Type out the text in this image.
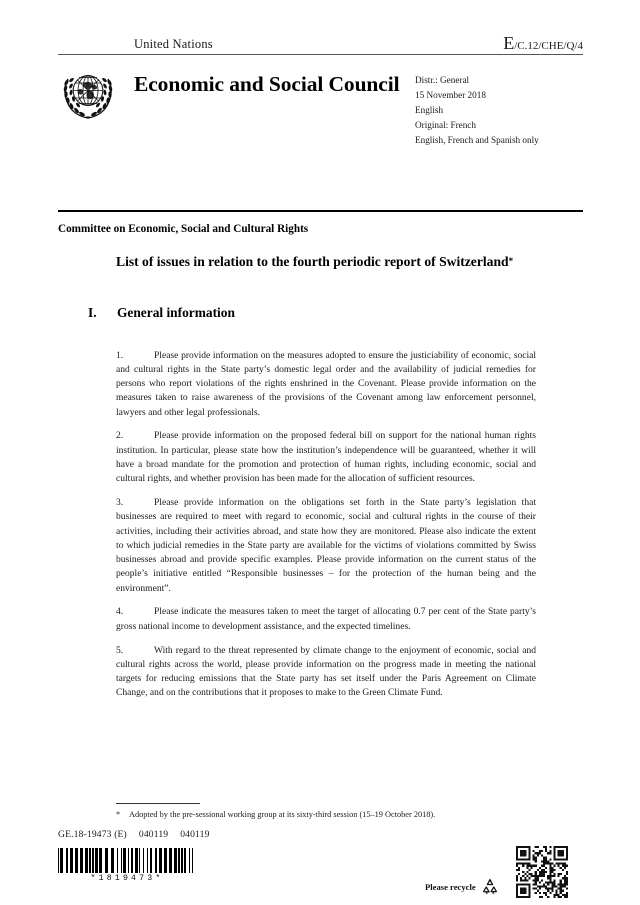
United Nations	E/C.12/CHE/Q/4
Economic and Social Council	Distr.: General
15 November 2018
English
Original: French
English, French and Spanish only
Committee on Economic, Social and Cultural Rights
List of issues in relation to the fourth periodic report of Switzerland*
I.	General information

1.	Please provide information on the measures adopted to ensure the justiciability of economic, social and cultural rights in the State party’s domestic legal order and the availability of judicial remedies for persons who report violations of the rights enshrined in the Covenant. Please provide information on the measures taken to raise awareness of the provisions of the Covenant among law enforcement personnel, lawyers and other legal professionals.

2.	Please provide information on the proposed federal bill on support for the national human rights institution. In particular, please state how the institution’s independence will be guaranteed, whether it will have a broad mandate for the promotion and protection of human rights, including economic, social and cultural rights, and whether provision has been made for the allocation of sufficient resources.

3.	Please provide information on the obligations set forth in the State party’s legislation that businesses are required to meet with regard to economic, social and cultural rights in the course of their activities, including their activities abroad, and state how they are monitored. Please also indicate the extent to which judicial remedies in the State party are available for the victims of violations committed by Swiss businesses abroad and provide specific examples. Please provide information on the current status of the people’s initiative entitled “Responsible businesses – for the protection of the human being and the environment”.

4.	Please indicate the measures taken to meet the target of allocating 0.7 per cent of the State party’s gross national income to development assistance, and the expected timelines.

5.	With regard to the threat represented by climate change to the enjoyment of economic, social and cultural rights across the world, please provide information on the progress made in meeting the national targets for reducing emissions that the State party has set itself under the Paris Agreement on Climate Change, and on the contributions that it proposes to make to the Green Climate Fund.

* Adopted by the pre-sessional working group at its sixty-third session (15–19 October 2018).
GE.18-19473 (E) 040119 040119
*1819473*
Please recycle
